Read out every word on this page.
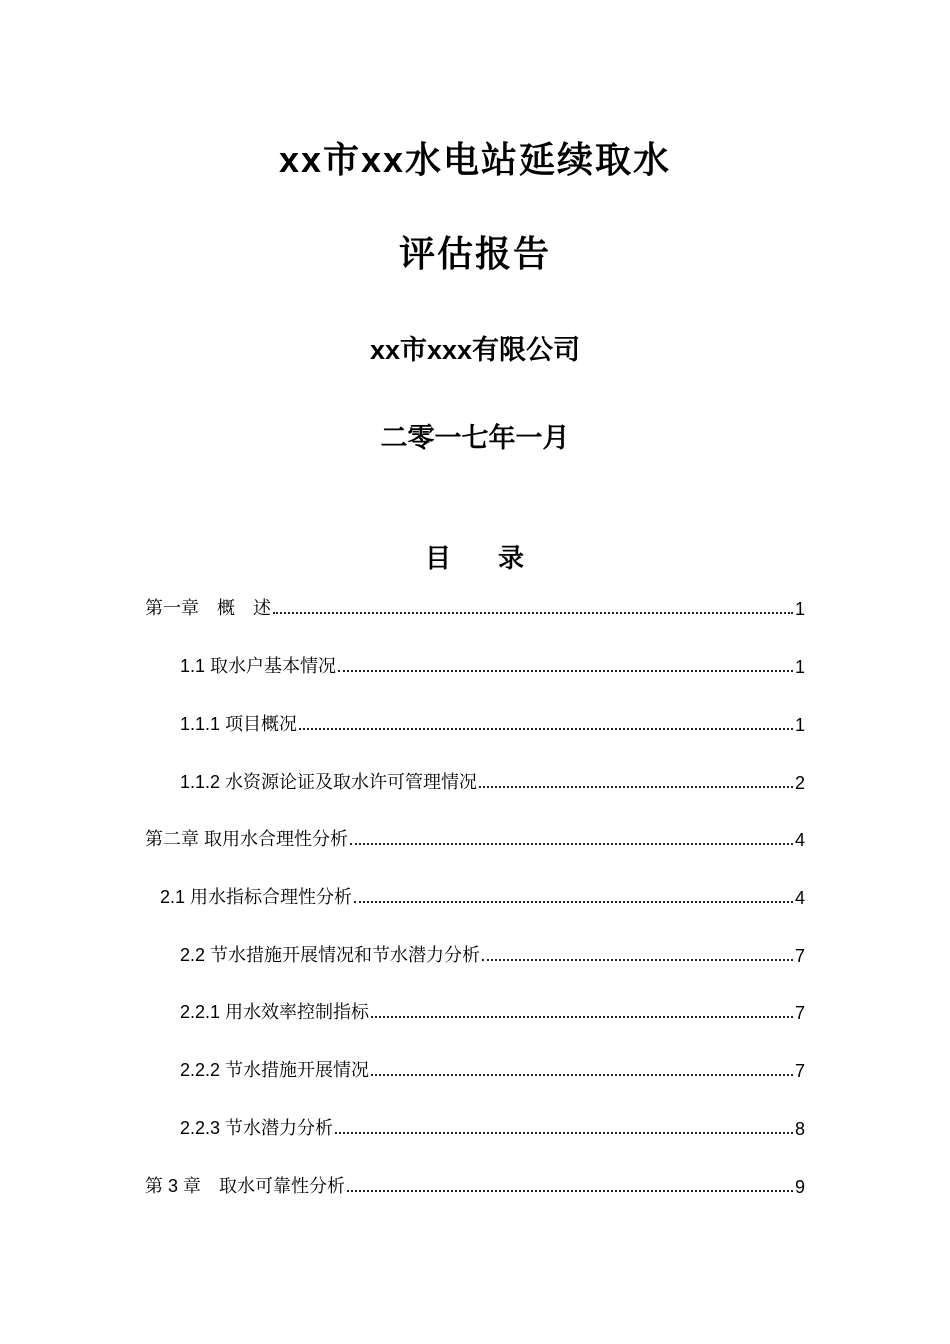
xx市xx水电站延续取水
评估报告
xx市xxx有限公司
二零一七年一月
目 录
第一章　概　述	1
1.1 取水户基本情况	1
1.1.1 项目概况	1
1.1.2 水资源论证及取水许可管理情况	2
第二章 取用水合理性分析	4
2.1 用水指标合理性分析	4
2.2 节水措施开展情况和节水潜力分析	7
2.2.1 用水效率控制指标	7
2.2.2 节水措施开展情况	7
2.2.3 节水潜力分析	8
第 3 章　取水可靠性分析	9
